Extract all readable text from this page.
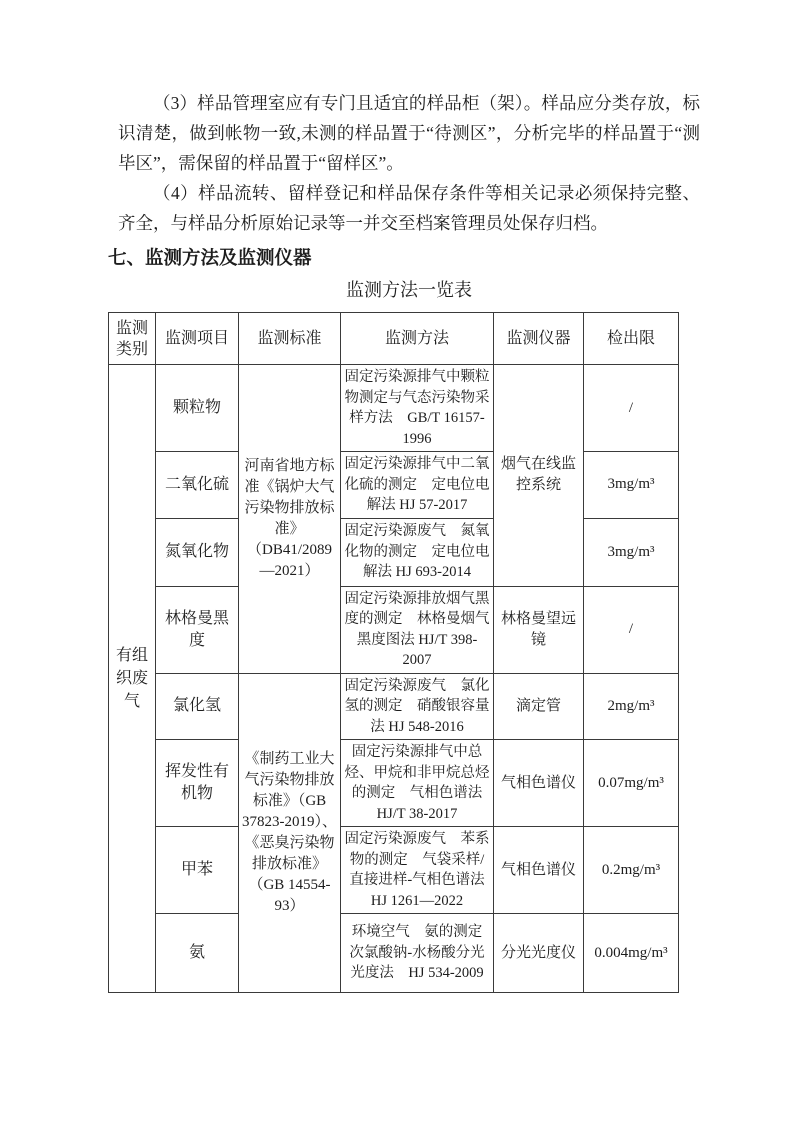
（3）样品管理室应有专门且适宜的样品柜（架）。样品应分类存放，标识清楚，做到帐物一致,未测的样品置于“待测区”，分析完毕的样品置于“测毕区”，需保留的样品置于“留样区”。

（4）样品流转、留样登记和样品保存条件等相关记录必须保持完整、齐全，与样品分析原始记录等一并交至档案管理员处保存归档。

七、监测方法及监测仪器
监测方法一览表
监测类别	监测项目	监测标准	监测方法	监测仪器	检出限
有组织废气	颗粒物	河南省地方标准《锅炉大气污染物排放标准》（DB41/2089—2021）	固定污染源排气中颗粒物测定与气态污染物采样方法　GB/T 16157-1996	烟气在线监控系统	/
	二氧化硫		固定污染源排气中二氧化硫的测定　定电位电解法 HJ 57-2017		3mg/m³
	氮氧化物		固定污染源废气　氮氧化物的测定　定电位电解法 HJ 693-2014		3mg/m³
	林格曼黑度		固定污染源排放烟气黑度的测定　林格曼烟气黑度图法 HJ/T 398-2007	林格曼望远镜	/
	氯化氢	《制药工业大气污染物排放标准》（GB 37823-2019）、《恶臭污染物排放标准》（GB 14554-93）	固定污染源废气　氯化氢的测定　硝酸银容量法 HJ 548-2016	滴定管	2mg/m³
	挥发性有机物		固定污染源排气中总烃、甲烷和非甲烷总烃的测定　气相色谱法 HJ/T 38-2017	气相色谱仪	0.07mg/m³
	甲苯		固定污染源废气　苯系物的测定　气袋采样/直接进样-气相色谱法　HJ 1261—2022	气相色谱仪	0.2mg/m³
	氨		环境空气　氨的测定　次氯酸钠-水杨酸分光光度法　HJ 534-2009	分光光度仪	0.004mg/m³
